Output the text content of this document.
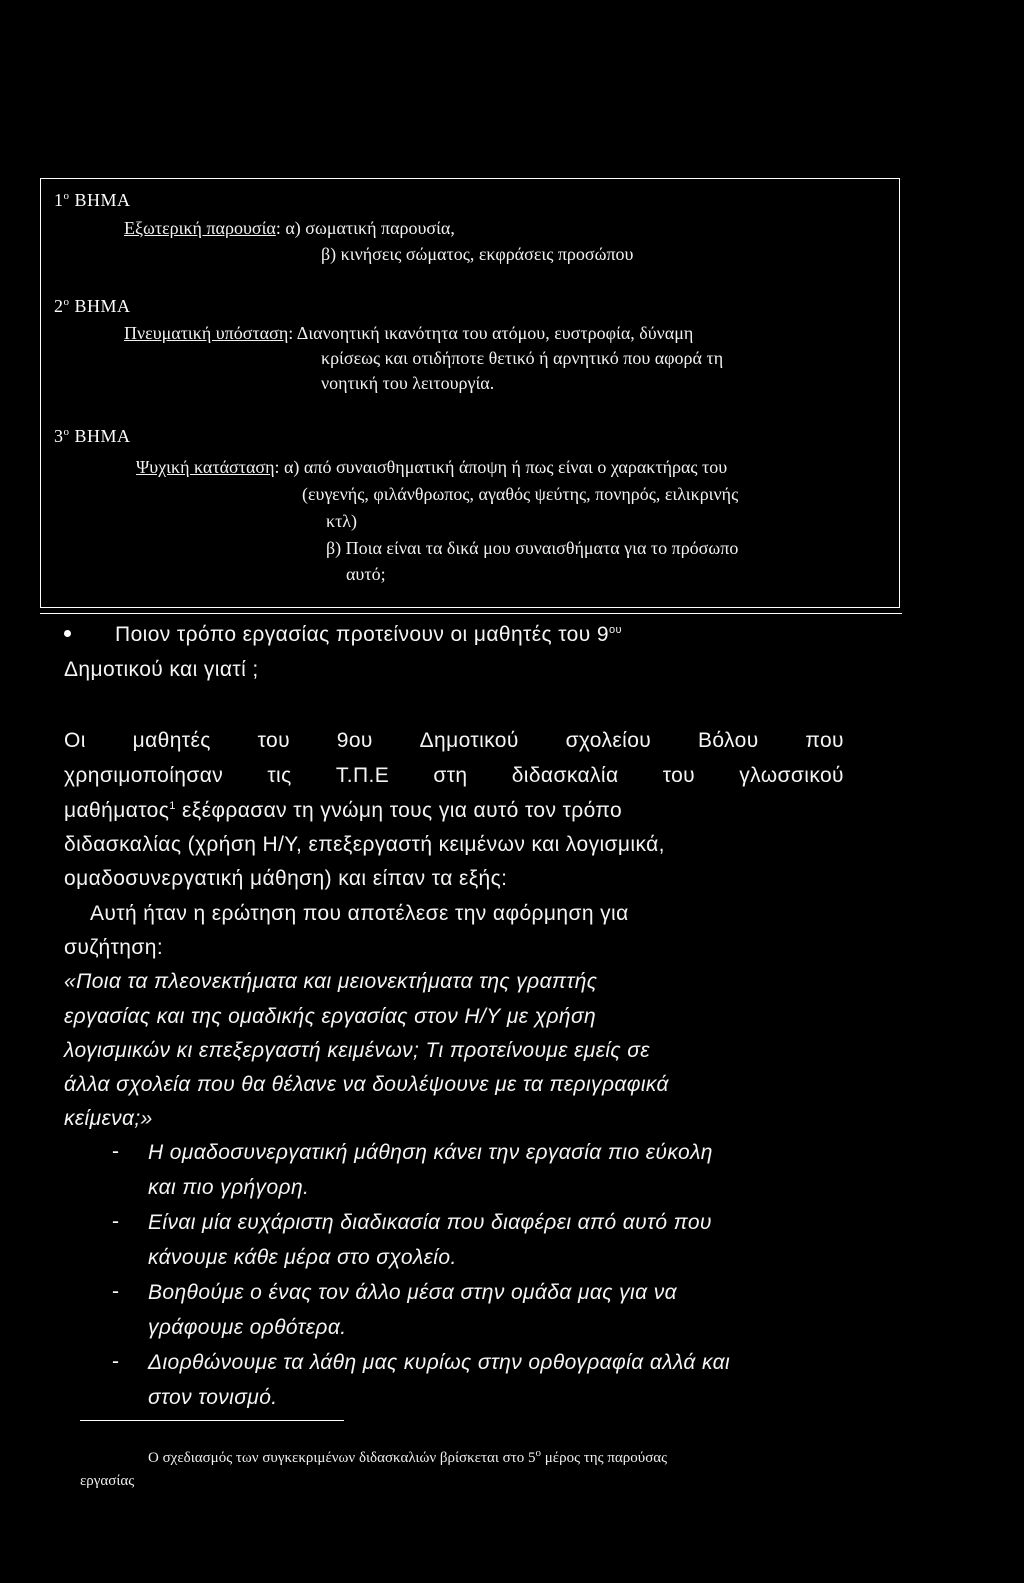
$1^o$ ΒΗΜΑ
Εξωτερική παρουσία: α) σωματική παρουσία,
β) κινήσεις σώματος, εκφράσεις προσώπου
$2^o$ ΒΗΜΑ
Πνευματική υπόσταση: Διανοητική ικανότητα του ατόμου, ευστροφία, δύναμη
κρίσεως και οτιδήποτε θετικό ή αρνητικό που αφορά τη
νοητική του λειτουργία.
$3^o$ ΒΗΜΑ
Ψυχική κατάσταση: α) από συναισθηματική άποψη ή πως είναι ο χαρακτήρας του
(ευγενής, φιλάνθρωπος, αγαθός ψεύτης, πονηρός, ειλικρινής
κτλ)
β) Ποια είναι τα δικά μου συναισθήματα για το πρόσωπο
αυτό;
Ποιον τρόπο εργασίας προτείνουν οι μαθητές του $9^{o\upsilon}$
Δημοτικού και γιατί ;
Οι μαθητές του 9ου Δημοτικού σχολείου Βόλου που
χρησιμοποίησαν τις Τ.Π.Ε στη διδασκαλία του γλωσσικού
μαθήματος$^1$ εξέφρασαν τη γνώμη τους για αυτό τον τρόπο
διδασκαλίας (χρήση Η/Υ, επεξεργαστή κειμένων και λογισμικά,
ομαδοσυνεργατική μάθηση) και είπαν τα εξής:
Αυτή ήταν η ερώτηση που αποτέλεσε την αφόρμηση για
συζήτηση:
«Ποια τα πλεονεκτήματα και μειονεκτήματα της γραπτής
εργασίας και της ομαδικής εργασίας στον Η/Υ με χρήση
λογισμικών κι επεξεργαστή κειμένων; Τι προτείνουμε εμείς σε
άλλα σχολεία που θα θέλανε να δουλέψουνε με τα περιγραφικά
κείμενα;»
- Η ομαδοσυνεργατική μάθηση κάνει την εργασία πιο εύκολη
και πιο γρήγορη.
- Είναι μία ευχάριστη διαδικασία που διαφέρει από αυτό που
κάνουμε κάθε μέρα στο σχολείο.
- Βοηθούμε ο ένας τον άλλο μέσα στην ομάδα μας για να
γράφουμε ορθότερα.
- Διορθώνουμε τα λάθη μας κυρίως στην ορθογραφία αλλά και
στον τονισμό.
Ο σχεδιασμός των συγκεκριμένων διδασκαλιών βρίσκεται στο $5^o$ μέρος της παρούσας
εργασίας
